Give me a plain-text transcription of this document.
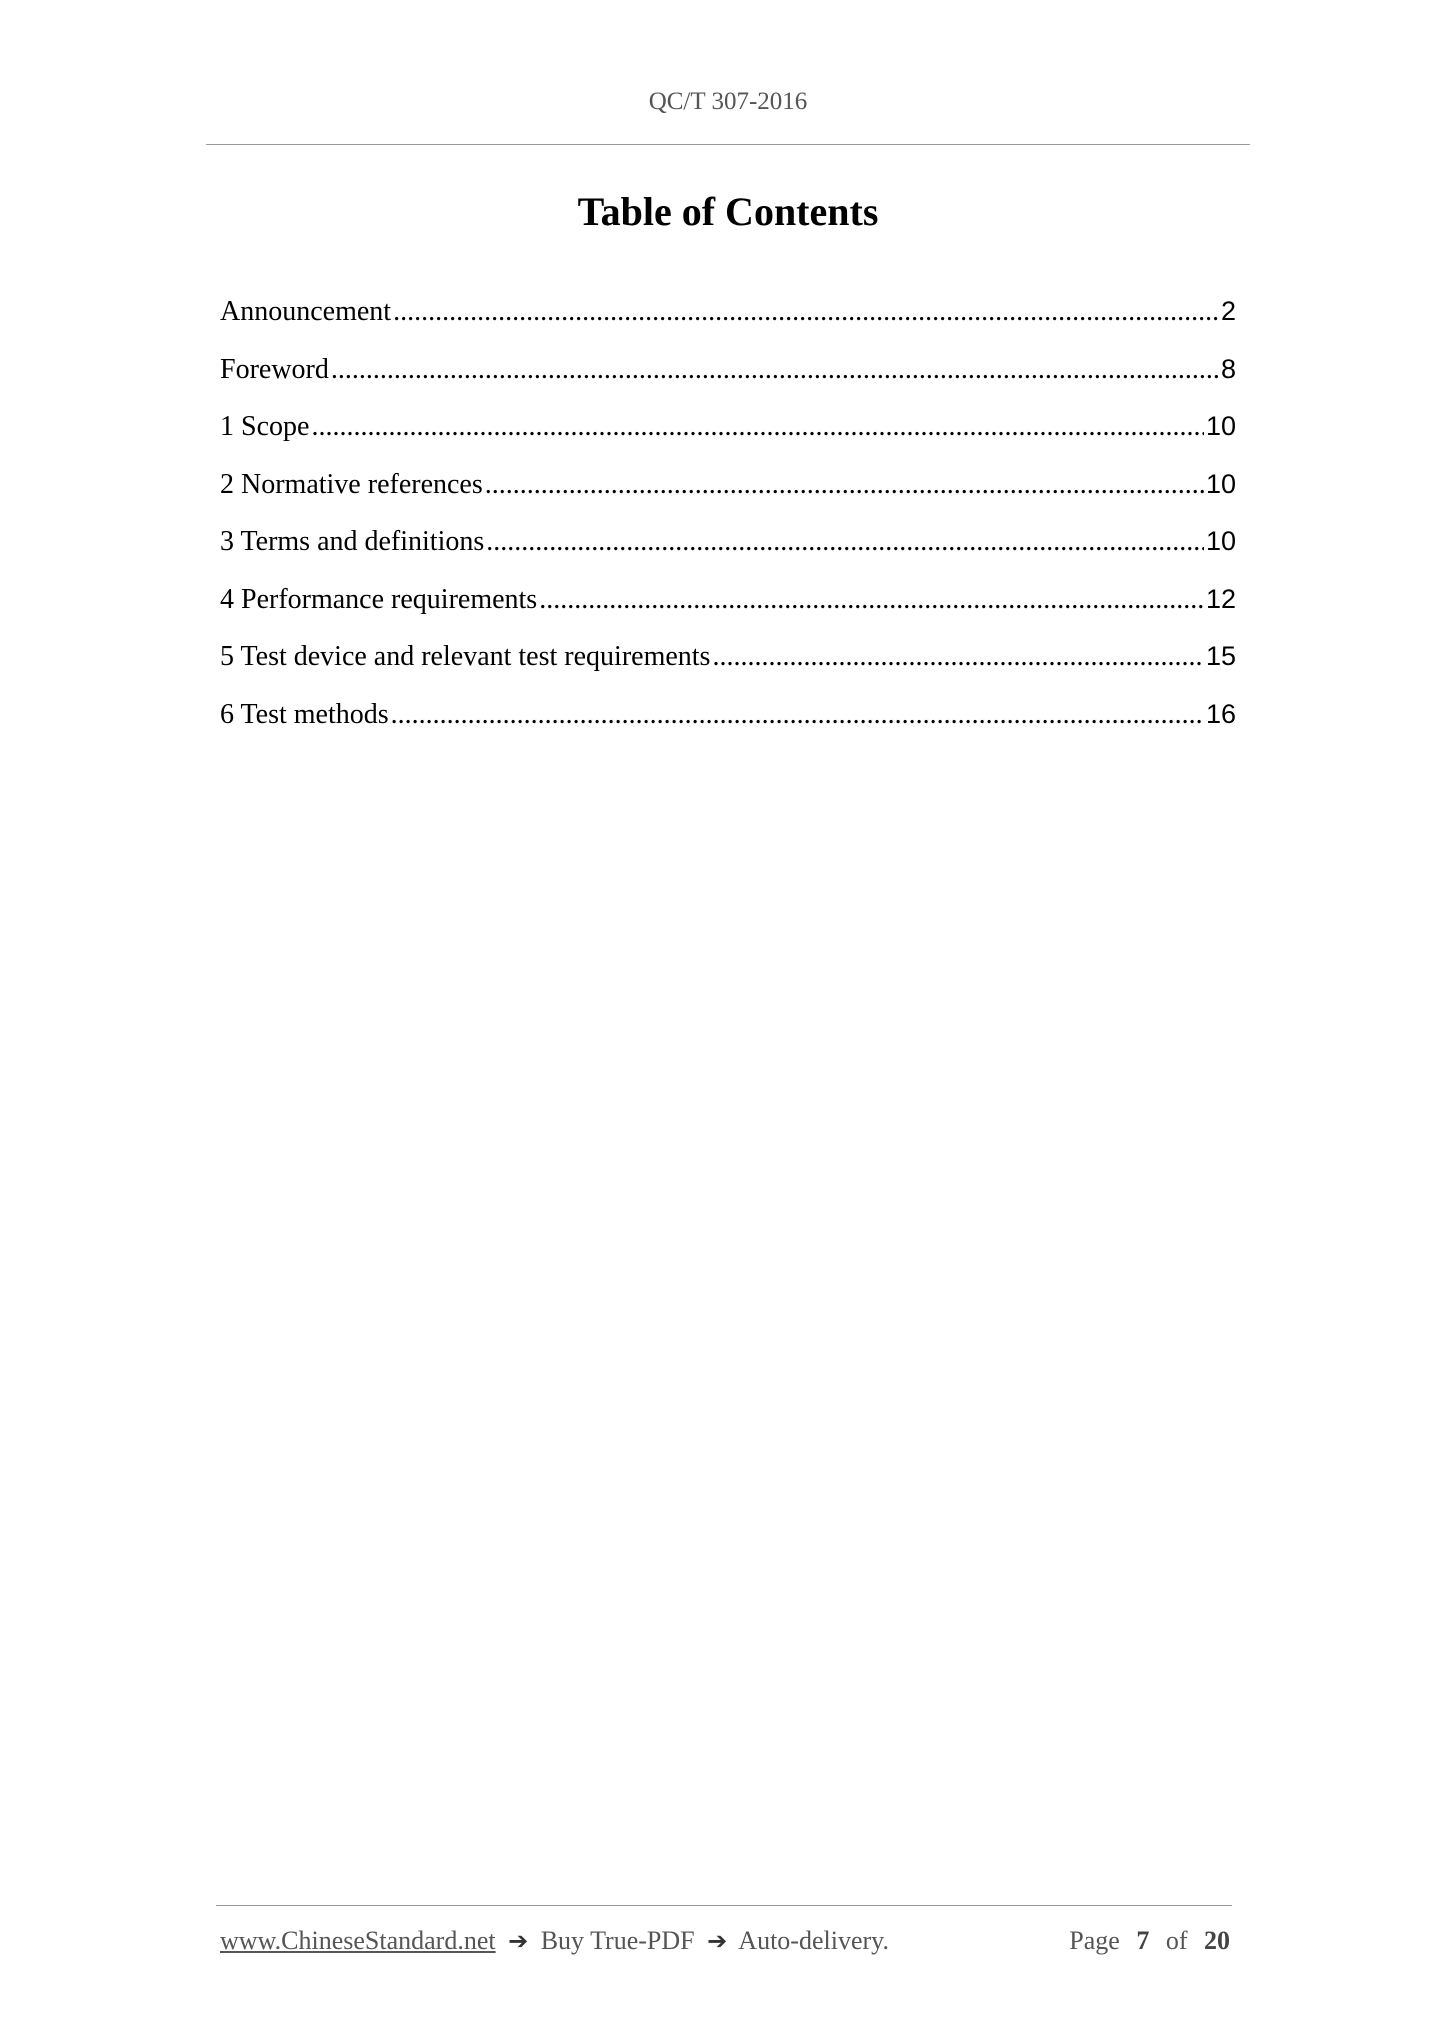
QC/T 307-2016
Table of Contents
Announcement .....	2
Foreword .....	8
1 Scope .....	10
2 Normative references .....	10
3 Terms and definitions .....	10
4 Performance requirements .....	12
5 Test device and relevant test requirements .....	15
6 Test methods .....	16
www.ChineseStandard.net ➔ Buy True-PDF ➔ Auto-delivery.	Page 7 of 20
